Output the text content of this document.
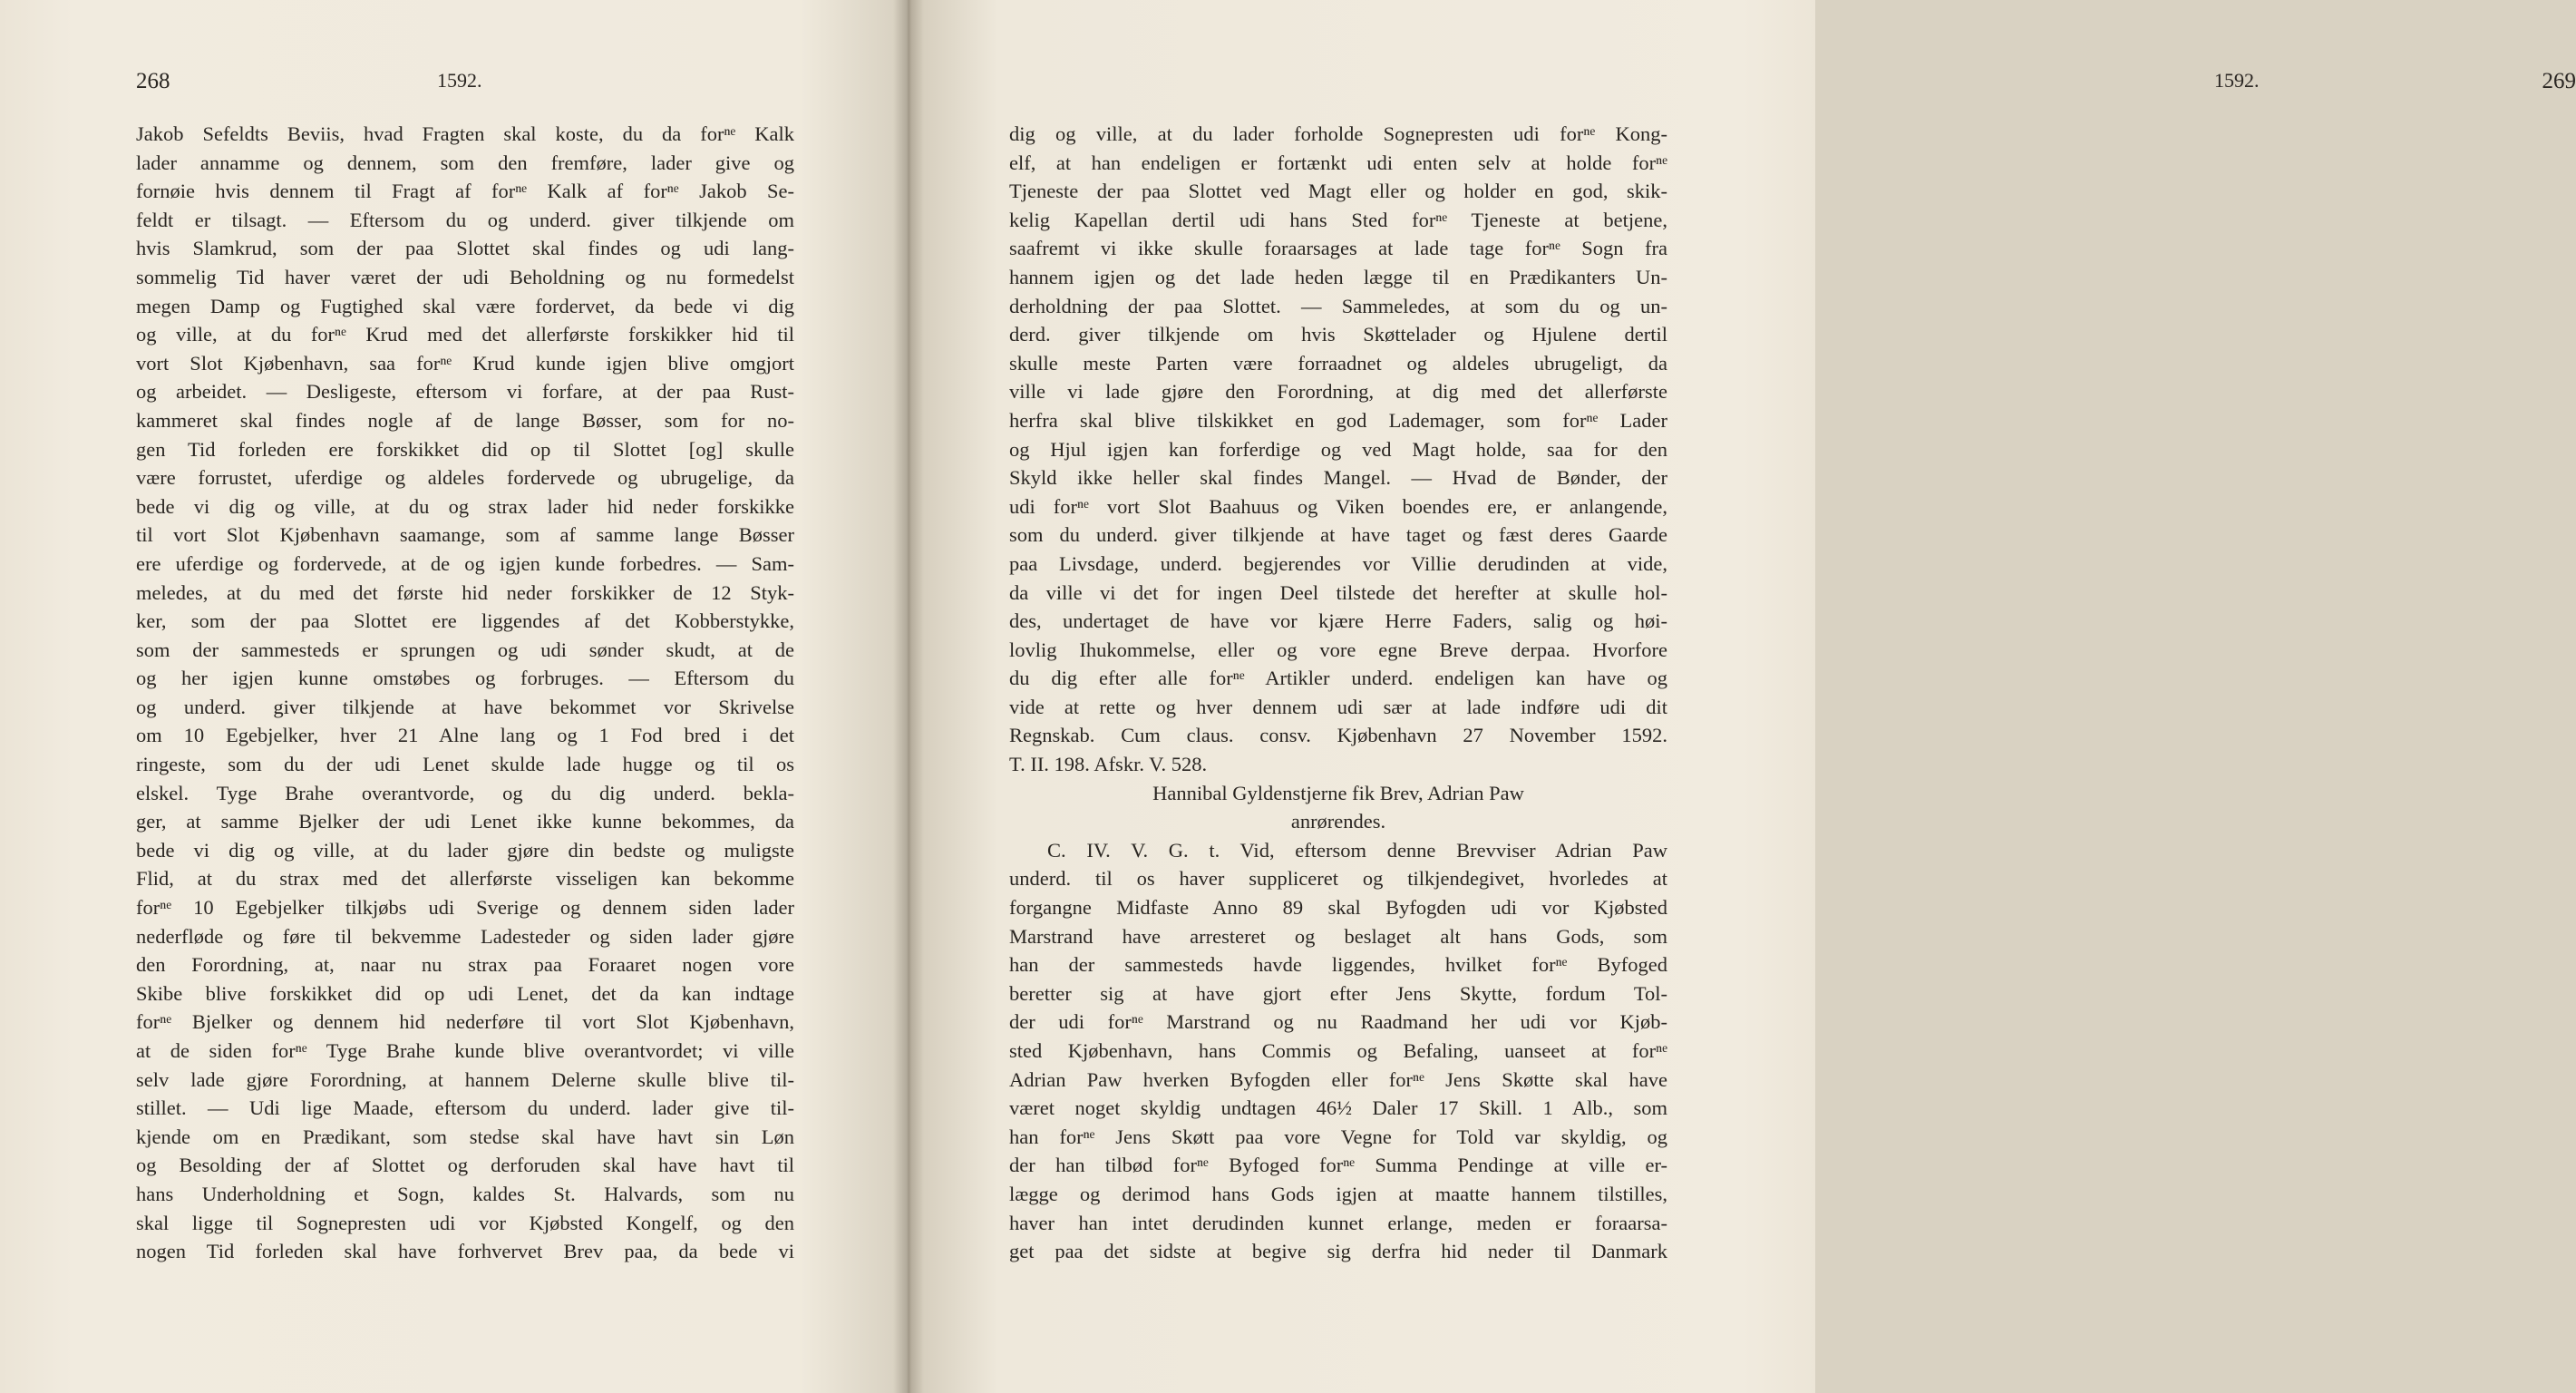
268	1592.
Jakob Sefeldts Beviis, hvad Fragten skal koste, du da forⁿᵉ Kalk
lader annamme og dennem, som den fremføre, lader give og
fornøie hvis dennem til Fragt af forⁿᵉ Kalk af forⁿᵉ Jakob Se-
feldt er tilsagt. — Eftersom du og underd. giver tilkjende om
hvis Slamkrud, som der paa Slottet skal findes og udi lang-
sommelig Tid haver været der udi Beholdning og nu formedelst
megen Damp og Fugtighed skal være fordervet, da bede vi dig
og ville, at du forⁿᵉ Krud med det allerførste forskikker hid til
vort Slot Kjøbenhavn, saa forⁿᵉ Krud kunde igjen blive omgjort
og arbeidet. — Desligeste, eftersom vi forfare, at der paa Rust-
kammeret skal findes nogle af de lange Bøsser, som for no-
gen Tid forleden ere forskikket did op til Slottet [og] skulle
være forrustet, uferdige og aldeles fordervede og ubrugelige, da
bede vi dig og ville, at du og strax lader hid neder forskikke
til vort Slot Kjøbenhavn saamange, som af samme lange Bøsser
ere uferdige og fordervede, at de og igjen kunde forbedres. — Sam-
meledes, at du med det første hid neder forskikker de 12 Styk-
ker, som der paa Slottet ere liggendes af det Kobberstykke,
som der sammesteds er sprungen og udi sønder skudt, at de
og her igjen kunne omstøbes og forbruges. — Eftersom du
og underd. giver tilkjende at have bekommet vor Skrivelse
om 10 Egebjelker, hver 21 Alne lang og 1 Fod bred i det
ringeste, som du der udi Lenet skulde lade hugge og til os
elskel. Tyge Brahe overantvorde, og du dig underd. bekla-
ger, at samme Bjelker der udi Lenet ikke kunne bekommes, da
bede vi dig og ville, at du lader gjøre din bedste og muligste
Flid, at du strax med det allerførste visseligen kan bekomme
forⁿᵉ 10 Egebjelker tilkjøbs udi Sverige og dennem siden lader
nederfløde og føre til bekvemme Ladesteder og siden lader gjøre
den Forordning, at, naar nu strax paa Foraaret nogen vore
Skibe blive forskikket did op udi Lenet, det da kan indtage
forⁿᵉ Bjelker og dennem hid nederføre til vort Slot Kjøbenhavn,
at de siden forⁿᵉ Tyge Brahe kunde blive overantvordet; vi ville
selv lade gjøre Forordning, at hannem Delerne skulle blive til-
stillet. — Udi lige Maade, eftersom du underd. lader give til-
kjende om en Prædikant, som stedse skal have havt sin Løn
og Besolding der af Slottet og derforuden skal have havt til
hans Underholdning et Sogn, kaldes St. Halvards, som nu
skal ligge til Sognepresten udi vor Kjøbsted Kongelf, og den
nogen Tid forleden skal have forhvervet Brev paa, da bede vi
1592.	269
dig og ville, at du lader forholde Sognepresten udi forⁿᵉ Kong-
elf, at han endeligen er fortænkt udi enten selv at holde forⁿᵉ
Tjeneste der paa Slottet ved Magt eller og holder en god, skik-
kelig Kapellan dertil udi hans Sted forⁿᵉ Tjeneste at betjene,
saafremt vi ikke skulle foraarsages at lade tage forⁿᵉ Sogn fra
hannem igjen og det lade heden lægge til en Prædikanters Un-
derholdning der paa Slottet. — Sammeledes, at som du og un-
derd. giver tilkjende om hvis Skøttelader og Hjulene dertil
skulle meste Parten være forraadnet og aldeles ubrugeligt, da
ville vi lade gjøre den Forordning, at dig med det allerførste
herfra skal blive tilskikket en god Lademager, som forⁿᵉ Lader
og Hjul igjen kan forferdige og ved Magt holde, saa for den
Skyld ikke heller skal findes Mangel. — Hvad de Bønder, der
udi forⁿᵉ vort Slot Baahuus og Viken boendes ere, er anlangende,
som du underd. giver tilkjende at have taget og fæst deres Gaarde
paa Livsdage, underd. begjerendes vor Villie derudinden at vide,
da ville vi det for ingen Deel tilstede det herefter at skulle hol-
des, undertaget de have vor kjære Herre Faders, salig og høi-
lovlig Ihukommelse, eller og vore egne Breve derpaa. Hvorfore
du dig efter alle forⁿᵉ Artikler underd. endeligen kan have og
vide at rette og hver dennem udi sær at lade indføre udi dit
Regnskab. Cum claus. consv. Kjøbenhavn 27 November 1592.
T. II. 198. Afskr. V. 528.
Hannibal Gyldenstjerne fik Brev, Adrian Paw
anrørendes.
C. IV. V. G. t. Vid, eftersom denne Brevviser Adrian Paw
underd. til os haver suppliceret og tilkjendegivet, hvorledes at
forgangne Midfaste Anno 89 skal Byfogden udi vor Kjøbsted
Marstrand have arresteret og beslaget alt hans Gods, som
han der sammesteds havde liggendes, hvilket forⁿᵉ Byfoged
beretter sig at have gjort efter Jens Skytte, fordum Tol-
der udi forⁿᵉ Marstrand og nu Raadmand her udi vor Kjøb-
sted Kjøbenhavn, hans Commis og Befaling, uanseet at forⁿᵉ
Adrian Paw hverken Byfogden eller forⁿᵉ Jens Skøtte skal have
været noget skyldig undtagen 46½ Daler 17 Skill. 1 Alb., som
han forⁿᵉ Jens Skøtt paa vore Vegne for Told var skyldig, og
der han tilbød forⁿᵉ Byfoged forⁿᵉ Summa Pendinge at ville er-
lægge og derimod hans Gods igjen at maatte hannem tilstilles,
haver han intet derudinden kunnet erlange, meden er foraarsa-
get paa det sidste at begive sig derfra hid neder til Danmark
